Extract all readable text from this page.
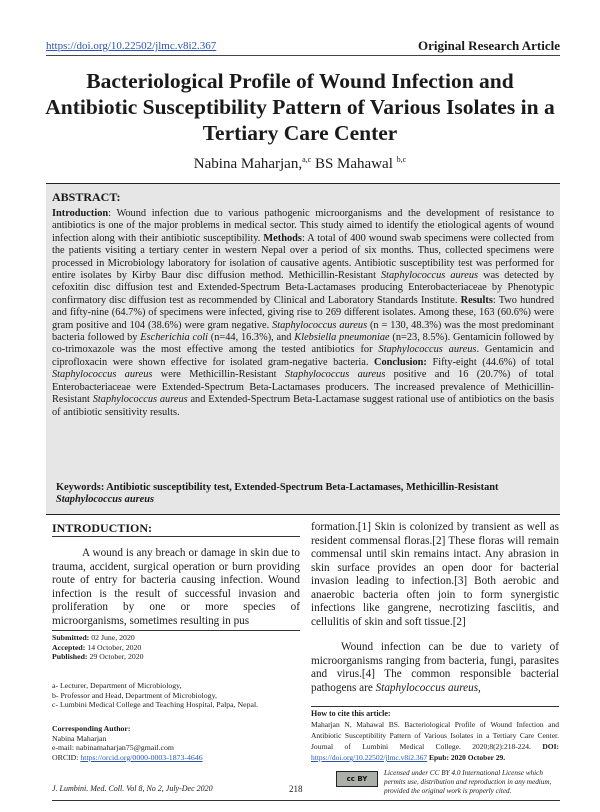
https://doi.org/10.22502/jlmc.v8i2.367	Original Research Article
Bacteriological Profile of Wound Infection and Antibiotic Susceptibility Pattern of Various Isolates in a Tertiary Care Center
Nabina Maharjan,$^{a,c}$ BS Mahawal $^{b,c}$
ABSTRACT:

Introduction: Wound infection due to various pathogenic microorganisms and the development of resistance to antibiotics is one of the major problems in medical sector. This study aimed to identify the etiological agents of wound infection along with their antibiotic susceptibility. Methods: A total of 400 wound swab specimens were collected from the patients visiting a tertiary center in western Nepal over a period of six months. Thus, collected specimens were processed in Microbiology laboratory for isolation of causative agents. Antibiotic susceptibility test was performed for entire isolates by Kirby Baur disc diffusion method. Methicillin-Resistant Staphylococcus aureus was detected by cefoxitin disc diffusion test and Extended-Spectrum Beta-Lactamases producing Enterobacteriaceae by Phenotypic confirmatory disc diffusion test as recommended by Clinical and Laboratory Standards Institute. Results: Two hundred and fifty-nine (64.7%) of specimens were infected, giving rise to 269 different isolates. Among these, 163 (60.6%) were gram positive and 104 (38.6%) were gram negative. Staphylococcus aureus (n = 130, 48.3%) was the most predominant bacteria followed by Escherichia coli (n=44, 16.3%), and Klebsiella pneumoniae (n=23, 8.5%). Gentamicin followed by co-trimoxazole was the most effective among the tested antibiotics for Staphylococcus aureus. Gentamicin and ciprofloxacin were shown effective for isolated gram-negative bacteria. Conclusion: Fifty-eight (44.6%) of total Staphylococcus aureus were Methicillin-Resistant Staphylococcus aureus positive and 16 (20.7%) of total Enterobacteriaceae were Extended-Spectrum Beta-Lactamases producers. The increased prevalence of Methicillin-Resistant Staphylococcus aureus and Extended-Spectrum Beta-Lactamase suggest rational use of antibiotics on the basis of antibiotic sensitivity results.

Keywords: Antibiotic susceptibility test, Extended-Spectrum Beta-Lactamases, Methicillin-Resistant Staphylococcus aureus

INTRODUCTION:

A wound is any breach or damage in skin due to trauma, accident, surgical operation or burn providing route of entry for bacteria causing infection. Wound infection is the result of successful invasion and proliferation by one or more species of microorganisms, sometimes resulting in pus

Submitted: 02 June, 2020
Accepted: 14 October, 2020
Published: 29 October, 2020

a- Lecturer, Department of Microbiology,
b- Professor and Head, Department of Microbiology,
c- Lumbini Medical College and Teaching Hospital, Palpa, Nepal.

Corresponding Author:
Nabina Maharjan
e-mail: nabinamaharjan75@gmail.com
ORCID: https://orcid.org/0000-0003-1873-4646

formation.[1] Skin is colonized by transient as well as resident commensal floras.[2] These floras will remain commensal until skin remains intact. Any abrasion in skin surface provides an open door for bacterial invasion leading to infection.[3] Both aerobic and anaerobic bacteria often join to form synergistic infections like gangrene, necrotizing fasciitis, and cellulitis of skin and soft tissue.[2]

Wound infection can be due to variety of microorganisms ranging from bacteria, fungi, parasites and virus.[4] The common responsible bacterial pathogens are Staphylococcus aureus,

How to cite this article:

Maharjan N, Mahawal BS. Bacteriological Profile of Wound Infection and Antibiotic Susceptibility Pattern of Various Isolates in a Tertiary Care Center. Journal of Lumbini Medical College. 2020;8(2):218-224. DOI: https://doi.org/10.22502/jlmc.v8i2.367 Epub: 2020 October 29.

cc BY

Licensed under CC BY 4.0 International License which permits use, distribution and reproduction in any medium, provided the original work is properly cited.

J. Lumbini. Med. Coll. Vol 8, No 2, July-Dec 2020	218
